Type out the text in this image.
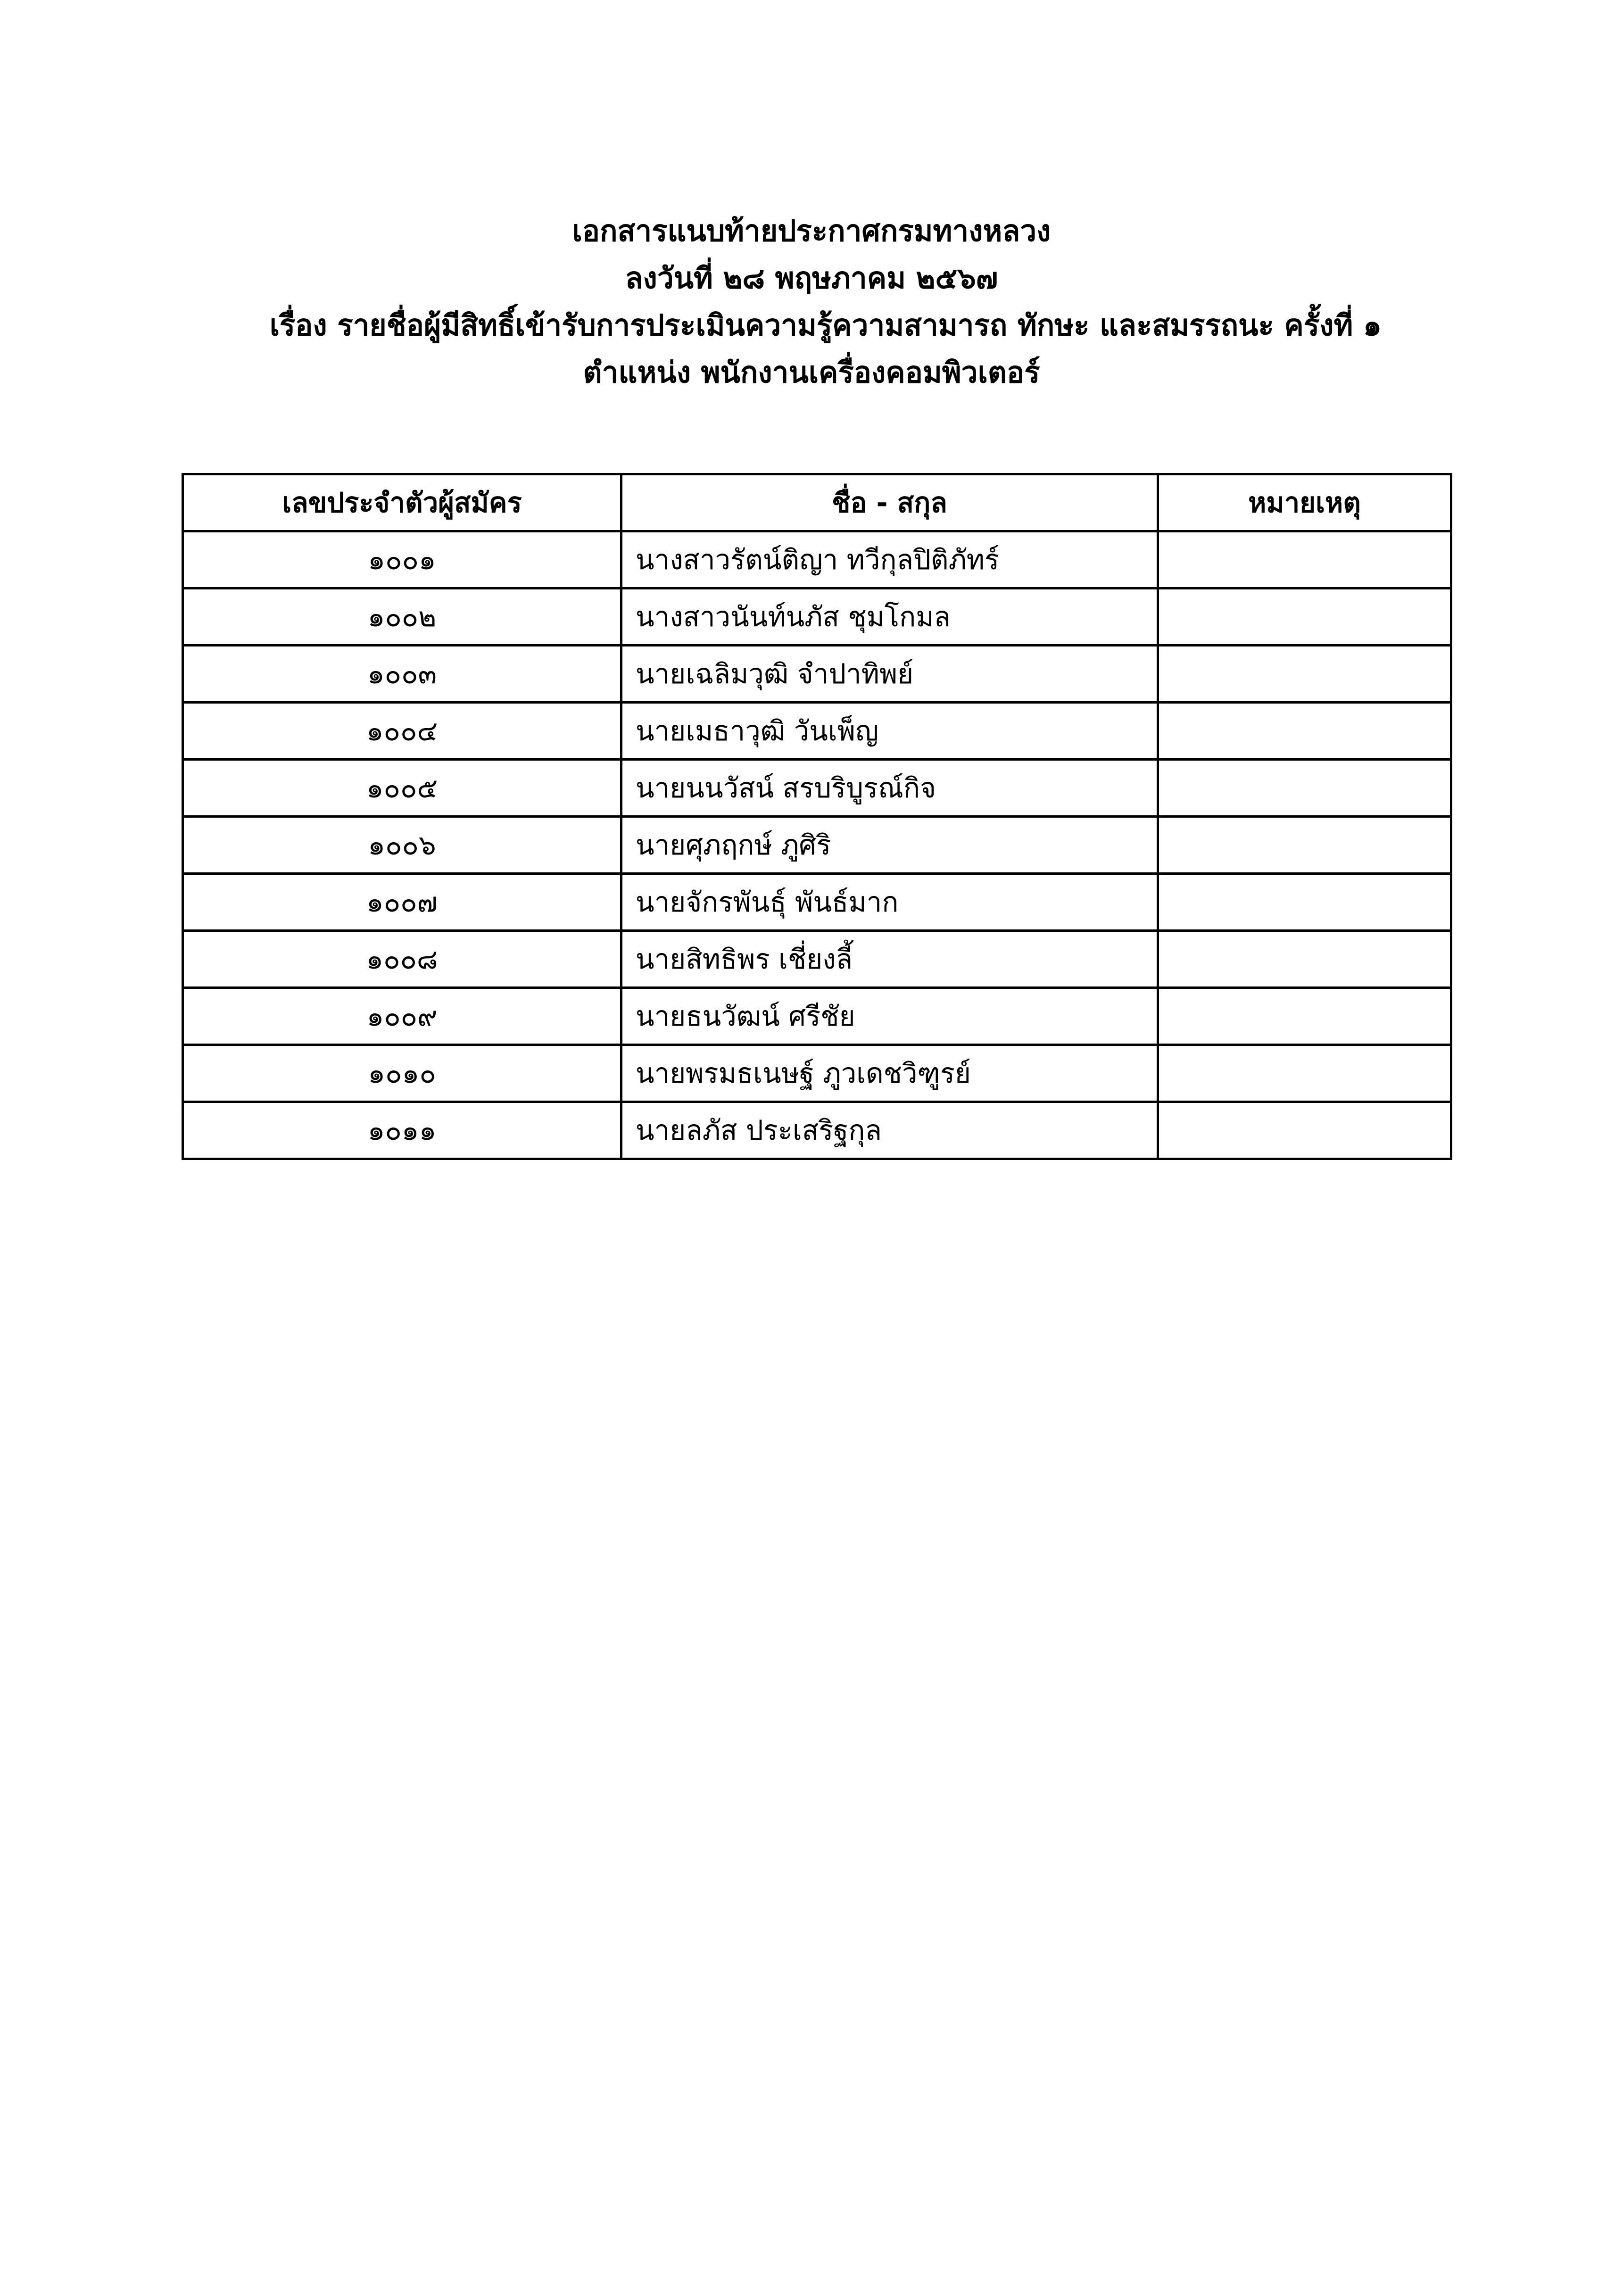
เอกสารแนบท้ายประกาศกรมทางหลวง
ลงวันที่ ๒๘ พฤษภาคม ๒๕๖๗
เรื่อง รายชื่อผู้มีสิทธิ์เข้ารับการประเมินความรู้ความสามารถ ทักษะ และสมรรถนะ ครั้งที่ ๑
ตำแหน่ง พนักงานเครื่องคอมพิวเตอร์
เลขประจำตัวผู้สมัคร	ชื่อ - สกุล	หมายเหตุ
๑๐๐๑	นางสาวรัตน์ติญา ทวีกุลปิติภัทร์	
๑๐๐๒	นางสาวนันท์นภัส ชุมโกมล	
๑๐๐๓	นายเฉลิมวุฒิ จำปาทิพย์	
๑๐๐๔	นายเมธาวุฒิ วันเพ็ญ	
๑๐๐๕	นายนนวัสน์ สรบริบูรณ์กิจ	
๑๐๐๖	นายศุภฤกษ์ ภูศิริ	
๑๐๐๗	นายจักรพันธุ์ พันธ์มาก	
๑๐๐๘	นายสิทธิพร เชี่ยงลี้	
๑๐๐๙	นายธนวัฒน์ ศรีชัย	
๑๐๑๐	นายพรมธเนษฐ์ ภูวเดชวิฑูรย์	
๑๐๑๑	นายลภัส ประเสริฐกุล	
